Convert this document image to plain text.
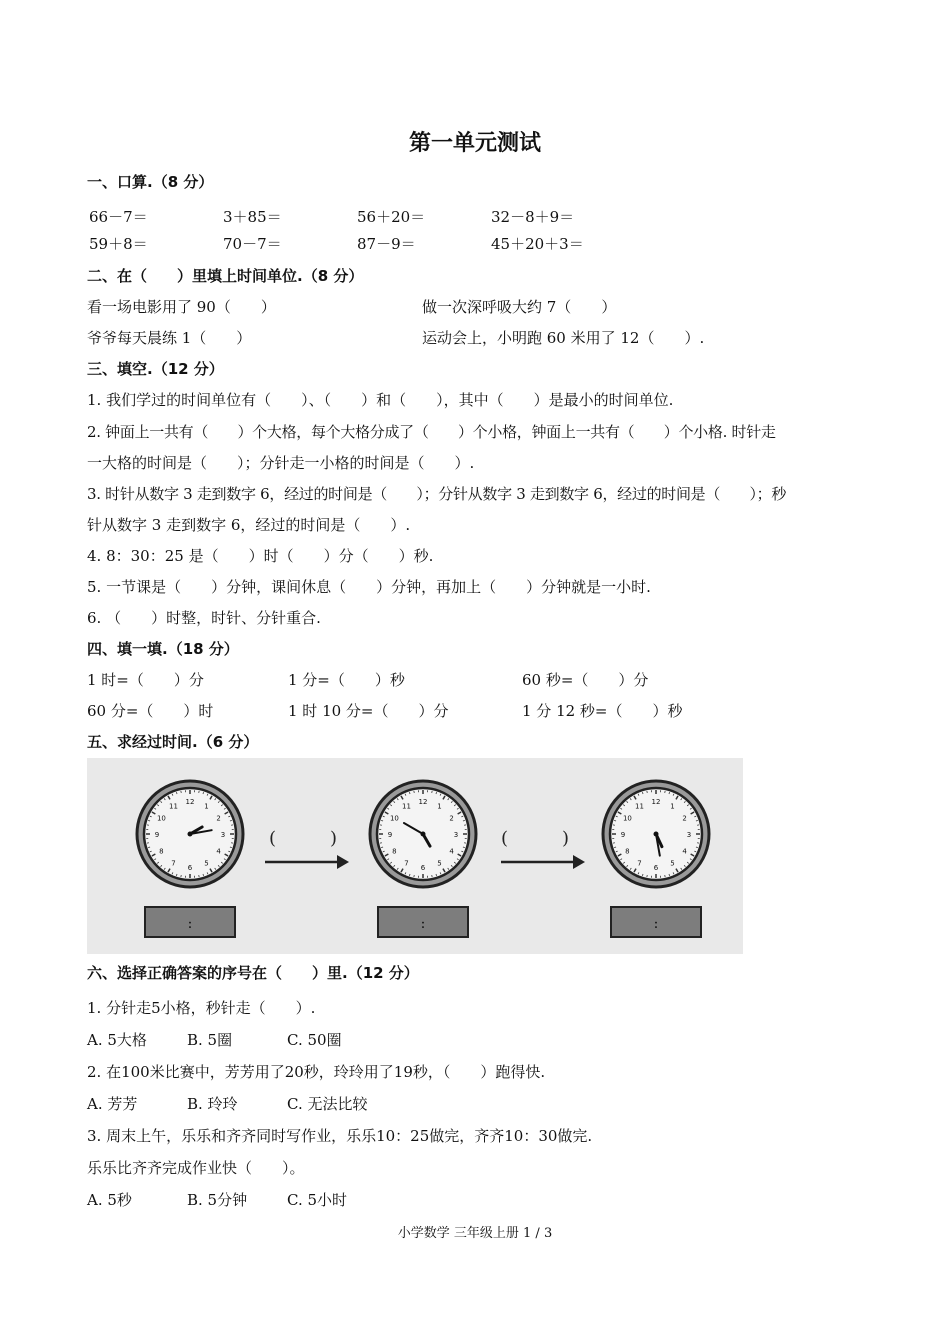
第一单元测试
一、口算.（8 分）
66－7＝	3＋85＝	56＋20＝	32－8＋9＝
59＋8＝	70－7＝	87－9＝	45＋20＋3＝
二、在（　　）里填上时间单位.（8 分）
看一场电影用了 90（　　）	做一次深呼吸大约 7（　　）
爷爷每天晨练 1（　　）	运动会上，小明跑 60 米用了 12（　　）.
三、填空.（12 分）
1. 我们学过的时间单位有（　　）、（　　）和（　　），其中（　　）是最小的时间单位.
2. 钟面上一共有（　　）个大格，每个大格分成了（　　）个小格，钟面上一共有（　　）个小格. 时针走
一大格的时间是（　　）；分针走一小格的时间是（　　）.
3. 时针从数字 3 走到数字 6，经过的时间是（　　）；分针从数字 3 走到数字 6，经过的时间是（　　）；秒
针从数字 3 走到数字 6，经过的时间是（　　）.
4. 8：30：25 是（　　）时（　　）分（　　）秒.
5. 一节课是（　　）分钟，课间休息（　　）分钟，再加上（　　）分钟就是一小时.
6. （　　）时整，时针、分针重合.
四、填一填.（18 分）
1 时=（　　）分	1 分=（　　）秒	60 秒=（　　）分
60 分=（　　）时	1 时 10 分=（　　）分	1 分 12 秒=（　　）秒
五、求经过时间.（6 分）
(　　　)	(　　　)
:	:	:
12
1
2
3
4
5
6
7
8
9
10
11
12
1
2
3
4
5
6
7
8
9
10
11
12
1
2
3
4
5
6
7
8
9
10
11
六、选择正确答案的序号在（　　）里.（12 分）
1. 分针走5小格，秒针走（　　）.
A. 5大格	B. 5圈	C. 50圈
2. 在100米比赛中，芳芳用了20秒，玲玲用了19秒，（　　）跑得快.
A. 芳芳	B. 玲玲	C. 无法比较
3. 周末上午，乐乐和齐齐同时写作业，乐乐10：25做完，齐齐10：30做完.
乐乐比齐齐完成作业快（　　）。
A. 5秒	B. 5分钟	C. 5小时
小学数学 三年级上册 1 / 3
